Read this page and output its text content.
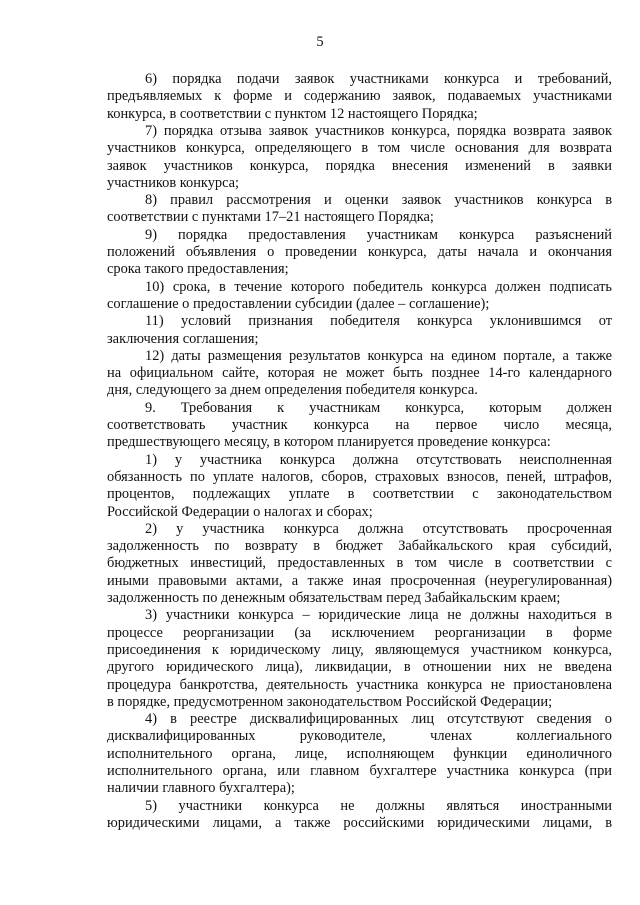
5
6) порядка подачи заявок участниками конкурса и требований,
предъявляемых к форме и содержанию заявок, подаваемых участниками
конкурса, в соответствии с пунктом 12 настоящего Порядка;
7) порядка отзыва заявок участников конкурса, порядка возврата заявок
участников конкурса, определяющего в том числе основания для возврата
заявок участников конкурса, порядка внесения изменений в заявки
участников конкурса;
8) правил рассмотрения и оценки заявок участников конкурса в
соответствии с пунктами 17–21 настоящего Порядка;
9) порядка предоставления участникам конкурса разъяснений
положений объявления о проведении конкурса, даты начала и окончания
срока такого предоставления;
10) срока, в течение которого победитель конкурса должен подписать
соглашение о предоставлении субсидии (далее – соглашение);
11) условий признания победителя конкурса уклонившимся от
заключения соглашения;
12) даты размещения результатов конкурса на едином портале, а также
на официальном сайте, которая не может быть позднее 14-го календарного
дня, следующего за днем определения победителя конкурса.
9. Требования к участникам конкурса, которым должен
соответствовать участник конкурса на первое число месяца,
предшествующего месяцу, в котором планируется проведение конкурса:
1) у участника конкурса должна отсутствовать неисполненная
обязанность по уплате налогов, сборов, страховых взносов, пеней, штрафов,
процентов, подлежащих уплате в соответствии с законодательством
Российской Федерации о налогах и сборах;
2) у участника конкурса должна отсутствовать просроченная
задолженность по возврату в бюджет Забайкальского края субсидий,
бюджетных инвестиций, предоставленных в том числе в соответствии с
иными правовыми актами, а также иная просроченная (неурегулированная)
задолженность по денежным обязательствам перед Забайкальским краем;
3) участники конкурса – юридические лица не должны находиться в
процессе реорганизации (за исключением реорганизации в форме
присоединения к юридическому лицу, являющемуся участником конкурса,
другого юридического лица), ликвидации, в отношении них не введена
процедура банкротства, деятельность участника конкурса не приостановлена
в порядке, предусмотренном законодательством Российской Федерации;
4) в реестре дисквалифицированных лиц отсутствуют сведения о
дисквалифицированных руководителе, членах коллегиального
исполнительного органа, лице, исполняющем функции единоличного
исполнительного органа, или главном бухгалтере участника конкурса (при
наличии главного бухгалтера);
5) участники конкурса не должны являться иностранными
юридическими лицами, а также российскими юридическими лицами, в
